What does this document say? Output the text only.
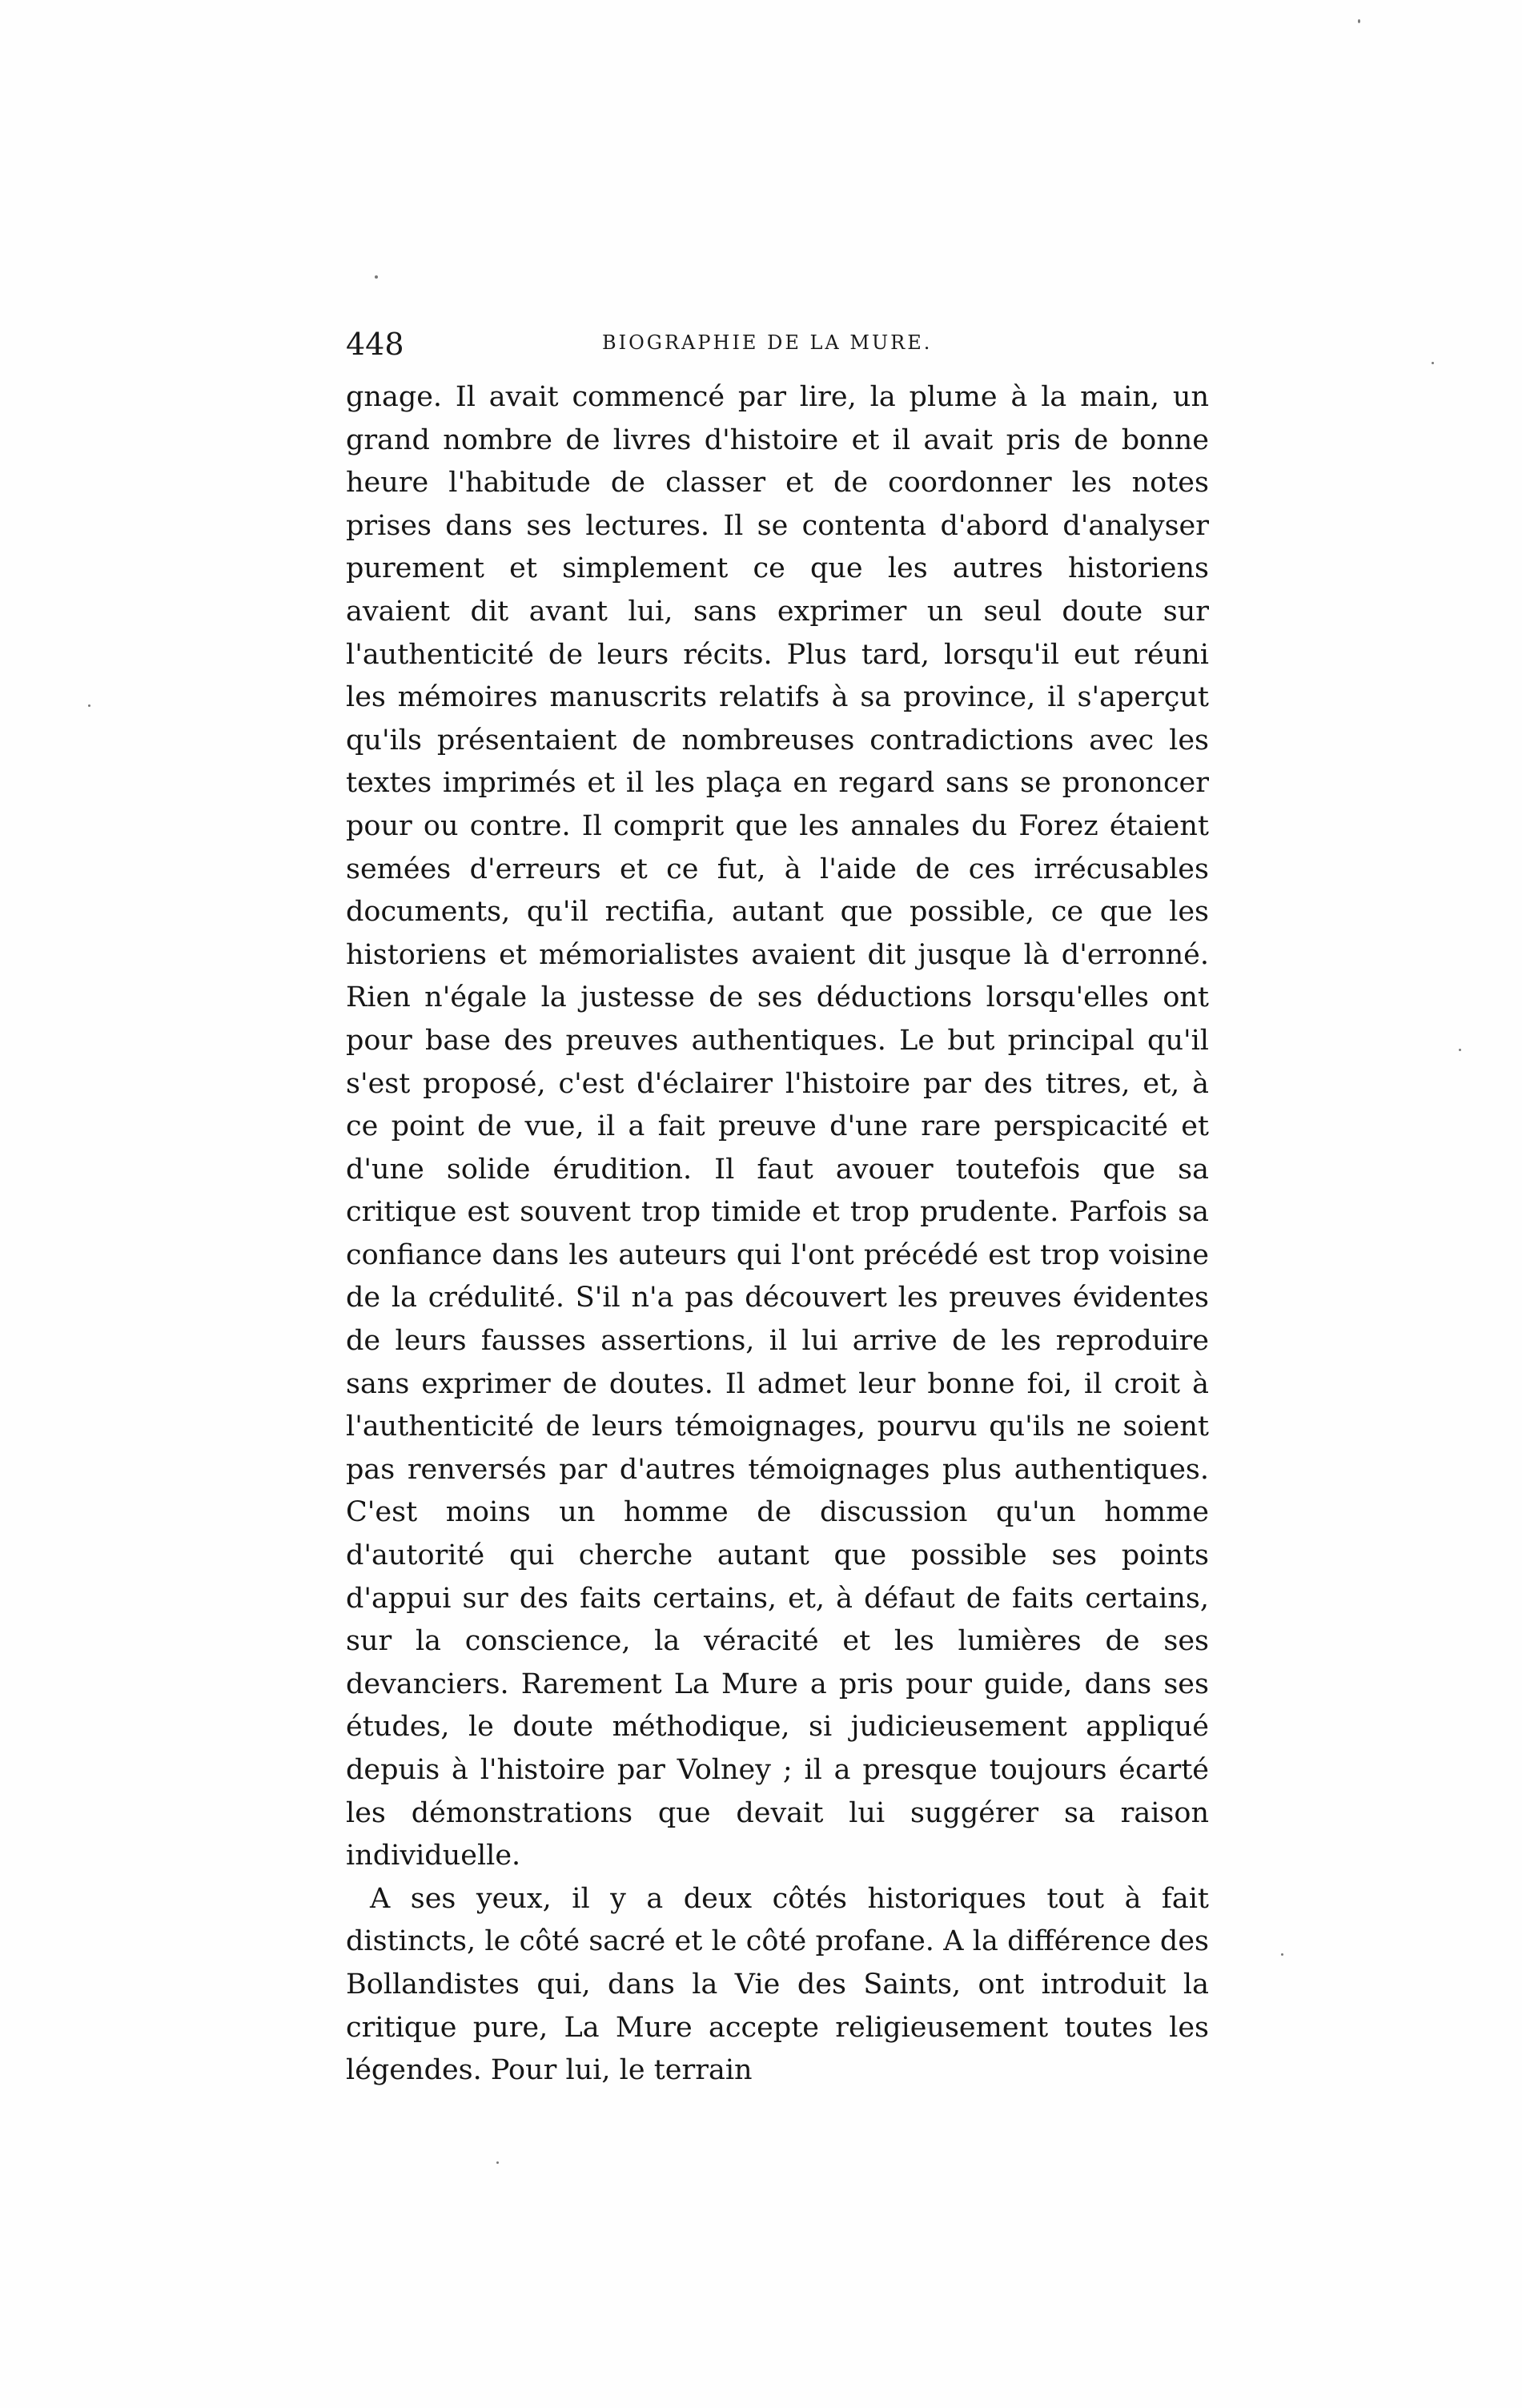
448	BIOGRAPHIE DE LA MURE.

gnage. Il avait commencé par lire, la plume à la main, un grand nombre de livres d'histoire et il avait pris de bonne heure l'habitude de classer et de coordonner les notes prises dans ses lectures. Il se contenta d'abord d'analyser purement et simplement ce que les autres historiens avaient dit avant lui, sans exprimer un seul doute sur l'authenticité de leurs récits. Plus tard, lorsqu'il eut réuni les mémoires manuscrits relatifs à sa province, il s'aperçut qu'ils présentaient de nombreuses contradictions avec les textes imprimés et il les plaça en regard sans se prononcer pour ou contre. Il comprit que les annales du Forez étaient semées d'erreurs et ce fut, à l'aide de ces irrécusables documents, qu'il rectifia, autant que possible, ce que les historiens et mémorialistes avaient dit jusque là d'erronné. Rien n'égale la justesse de ses déductions lorsqu'elles ont pour base des preuves authentiques. Le but principal qu'il s'est proposé, c'est d'éclairer l'histoire par des titres, et, à ce point de vue, il a fait preuve d'une rare perspicacité et d'une solide érudition. Il faut avouer toutefois que sa critique est souvent trop timide et trop prudente. Parfois sa confiance dans les auteurs qui l'ont précédé est trop voisine de la crédulité. S'il n'a pas découvert les preuves évidentes de leurs fausses assertions, il lui arrive de les reproduire sans exprimer de doutes. Il admet leur bonne foi, il croit à l'authenticité de leurs témoignages, pourvu qu'ils ne soient pas renversés par d'autres témoignages plus authentiques. C'est moins un homme de discussion qu'un homme d'autorité qui cherche autant que possible ses points d'appui sur des faits certains, et, à défaut de faits certains, sur la conscience, la véracité et les lumières de ses devanciers. Rarement La Mure a pris pour guide, dans ses études, le doute méthodique, si judicieusement appliqué depuis à l'histoire par Volney ; il a presque toujours écarté les démonstrations que devait lui suggérer sa raison individuelle.

A ses yeux, il y a deux côtés historiques tout à fait distincts, le côté sacré et le côté profane. A la différence des Bollandistes qui, dans la Vie des Saints, ont introduit la critique pure, La Mure accepte religieusement toutes les légendes. Pour lui, le terrain
